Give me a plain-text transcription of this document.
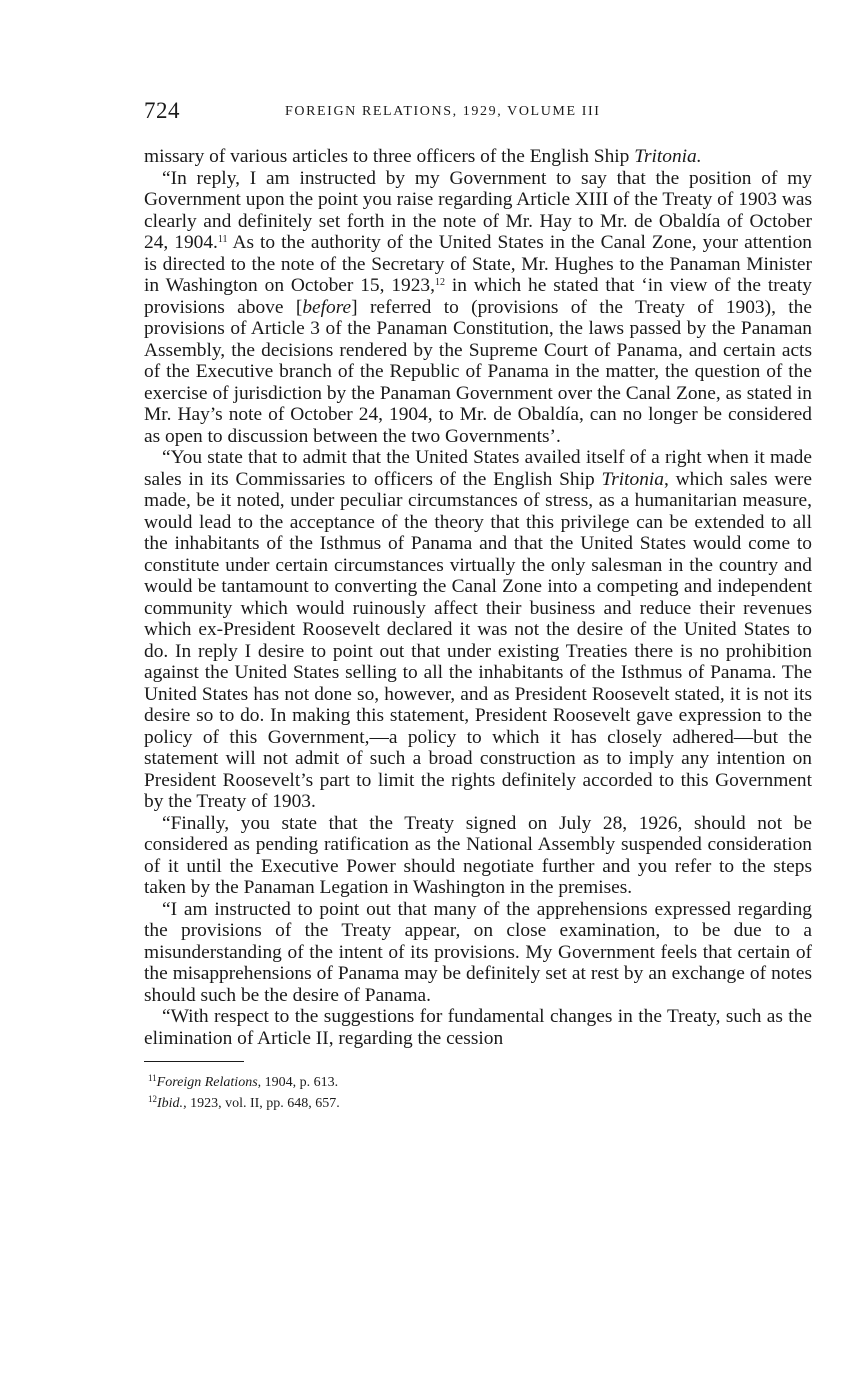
724	FOREIGN RELATIONS, 1929, VOLUME III

missary of various articles to three officers of the English Ship Tritonia.

“In reply, I am instructed by my Government to say that the position of my Government upon the point you raise regarding Article XIII of the Treaty of 1903 was clearly and definitely set forth in the note of Mr. Hay to Mr. de Obaldía of October 24, 1904.11 As to the authority of the United States in the Canal Zone, your attention is directed to the note of the Secretary of State, Mr. Hughes to the Panaman Minister in Washington on October 15, 1923,12 in which he stated that ‘in view of the treaty provisions above [before] referred to (provisions of the Treaty of 1903), the provisions of Article 3 of the Panaman Constitution, the laws passed by the Panaman Assembly, the decisions rendered by the Supreme Court of Panama, and certain acts of the Executive branch of the Republic of Panama in the matter, the question of the exercise of jurisdiction by the Panaman Government over the Canal Zone, as stated in Mr. Hay’s note of October 24, 1904, to Mr. de Obaldía, can no longer be considered as open to discussion between the two Governments’.

“You state that to admit that the United States availed itself of a right when it made sales in its Commissaries to officers of the English Ship Tritonia, which sales were made, be it noted, under peculiar circumstances of stress, as a humanitarian measure, would lead to the acceptance of the theory that this privilege can be extended to all the inhabitants of the Isthmus of Panama and that the United States would come to constitute under certain circumstances virtually the only salesman in the country and would be tantamount to converting the Canal Zone into a competing and independent community which would ruinously affect their business and reduce their revenues which ex-President Roosevelt declared it was not the desire of the United States to do. In reply I desire to point out that under existing Treaties there is no prohibition against the United States selling to all the inhabitants of the Isthmus of Panama. The United States has not done so, however, and as President Roosevelt stated, it is not its desire so to do. In making this statement, President Roosevelt gave expression to the policy of this Government,—a policy to which it has closely adhered—but the statement will not admit of such a broad construction as to imply any intention on President Roosevelt’s part to limit the rights definitely accorded to this Government by the Treaty of 1903.

“Finally, you state that the Treaty signed on July 28, 1926, should not be considered as pending ratification as the National Assembly suspended consideration of it until the Executive Power should negotiate further and you refer to the steps taken by the Panaman Legation in Washington in the premises.

“I am instructed to point out that many of the apprehensions expressed regarding the provisions of the Treaty appear, on close examination, to be due to a misunderstanding of the intent of its provisions. My Government feels that certain of the misapprehensions of Panama may be definitely set at rest by an exchange of notes should such be the desire of Panama.

“With respect to the suggestions for fundamental changes in the Treaty, such as the elimination of Article II, regarding the cession

$^{11}$Foreign Relations, 1904, p. 613.
$^{12}$Ibid., 1923, vol. II, pp. 648, 657.
